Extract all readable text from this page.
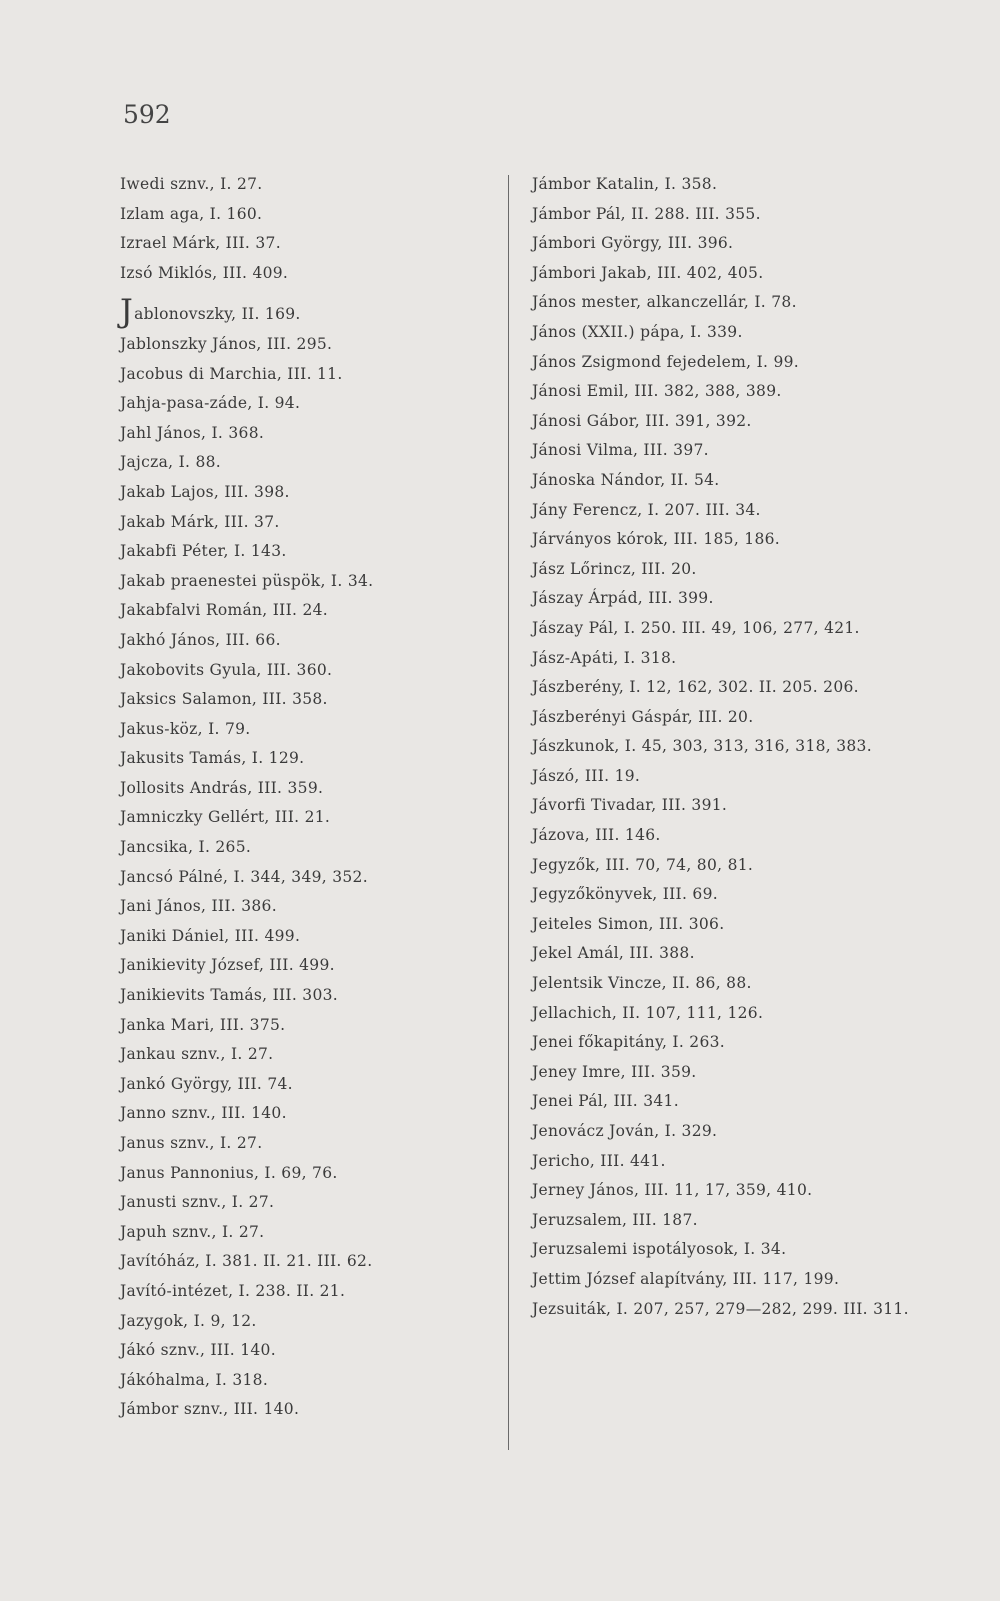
592
Iwedi sznv., I. 27.
Izlam aga, I. 160.
Izrael Márk, III. 37.
Izsó Miklós, III. 409.
Jablonovszky, II. 169.
Jablonszky János, III. 295.
Jacobus di Marchia, III. 11.
Jahja-pasa-záde, I. 94.
Jahl János, I. 368.
Jajcza, I. 88.
Jakab Lajos, III. 398.
Jakab Márk, III. 37.
Jakabfi Péter, I. 143.
Jakab praenestei püspök, I. 34.
Jakabfalvi Román, III. 24.
Jakhó János, III. 66.
Jakobovits Gyula, III. 360.
Jaksics Salamon, III. 358.
Jakus-köz, I. 79.
Jakusits Tamás, I. 129.
Jollosits András, III. 359.
Jamniczky Gellért, III. 21.
Jancsika, I. 265.
Jancsó Pálné, I. 344, 349, 352.
Jani János, III. 386.
Janiki Dániel, III. 499.
Janikievity József, III. 499.
Janikievits Tamás, III. 303.
Janka Mari, III. 375.
Jankau sznv., I. 27.
Jankó György, III. 74.
Janno sznv., III. 140.
Janus sznv., I. 27.
Janus Pannonius, I. 69, 76.
Janusti sznv., I. 27.
Japuh sznv., I. 27.
Javítóház, I. 381. II. 21. III. 62.
Javító-intézet, I. 238. II. 21.
Jazygok, I. 9, 12.
Jákó sznv., III. 140.
Jákóhalma, I. 318.
Jámbor sznv., III. 140.
Jámbor Katalin, I. 358.
Jámbor Pál, II. 288. III. 355.
Jámbori György, III. 396.
Jámbori Jakab, III. 402, 405.
János mester, alkanczellár, I. 78.
János (XXII.) pápa, I. 339.
János Zsigmond fejedelem, I. 99.
Jánosi Emil, III. 382, 388, 389.
Jánosi Gábor, III. 391, 392.
Jánosi Vilma, III. 397.
Jánoska Nándor, II. 54.
Jány Ferencz, I. 207. III. 34.
Járványos kórok, III. 185, 186.
Jász Lőrincz, III. 20.
Jászay Árpád, III. 399.
Jászay Pál, I. 250. III. 49, 106, 277, 421.
Jász-Apáti, I. 318.
Jászberény, I. 12, 162, 302. II. 205. 206.
Jászberényi Gáspár, III. 20.
Jászkunok, I. 45, 303, 313, 316, 318, 383.
Jászó, III. 19.
Jávorfi Tivadar, III. 391.
Jázova, III. 146.
Jegyzők, III. 70, 74, 80, 81.
Jegyzőkönyvek, III. 69.
Jeiteles Simon, III. 306.
Jekel Amál, III. 388.
Jelentsik Vincze, II. 86, 88.
Jellachich, II. 107, 111, 126.
Jenei főkapitány, I. 263.
Jeney Imre, III. 359.
Jenei Pál, III. 341.
Jenovácz Jován, I. 329.
Jericho, III. 441.
Jerney János, III. 11, 17, 359, 410.
Jeruzsalem, III. 187.
Jeruzsalemi ispotályosok, I. 34.
Jettim József alapítvány, III. 117, 199.
Jezsuiták, I. 207, 257, 279—282, 299. III. 311.
